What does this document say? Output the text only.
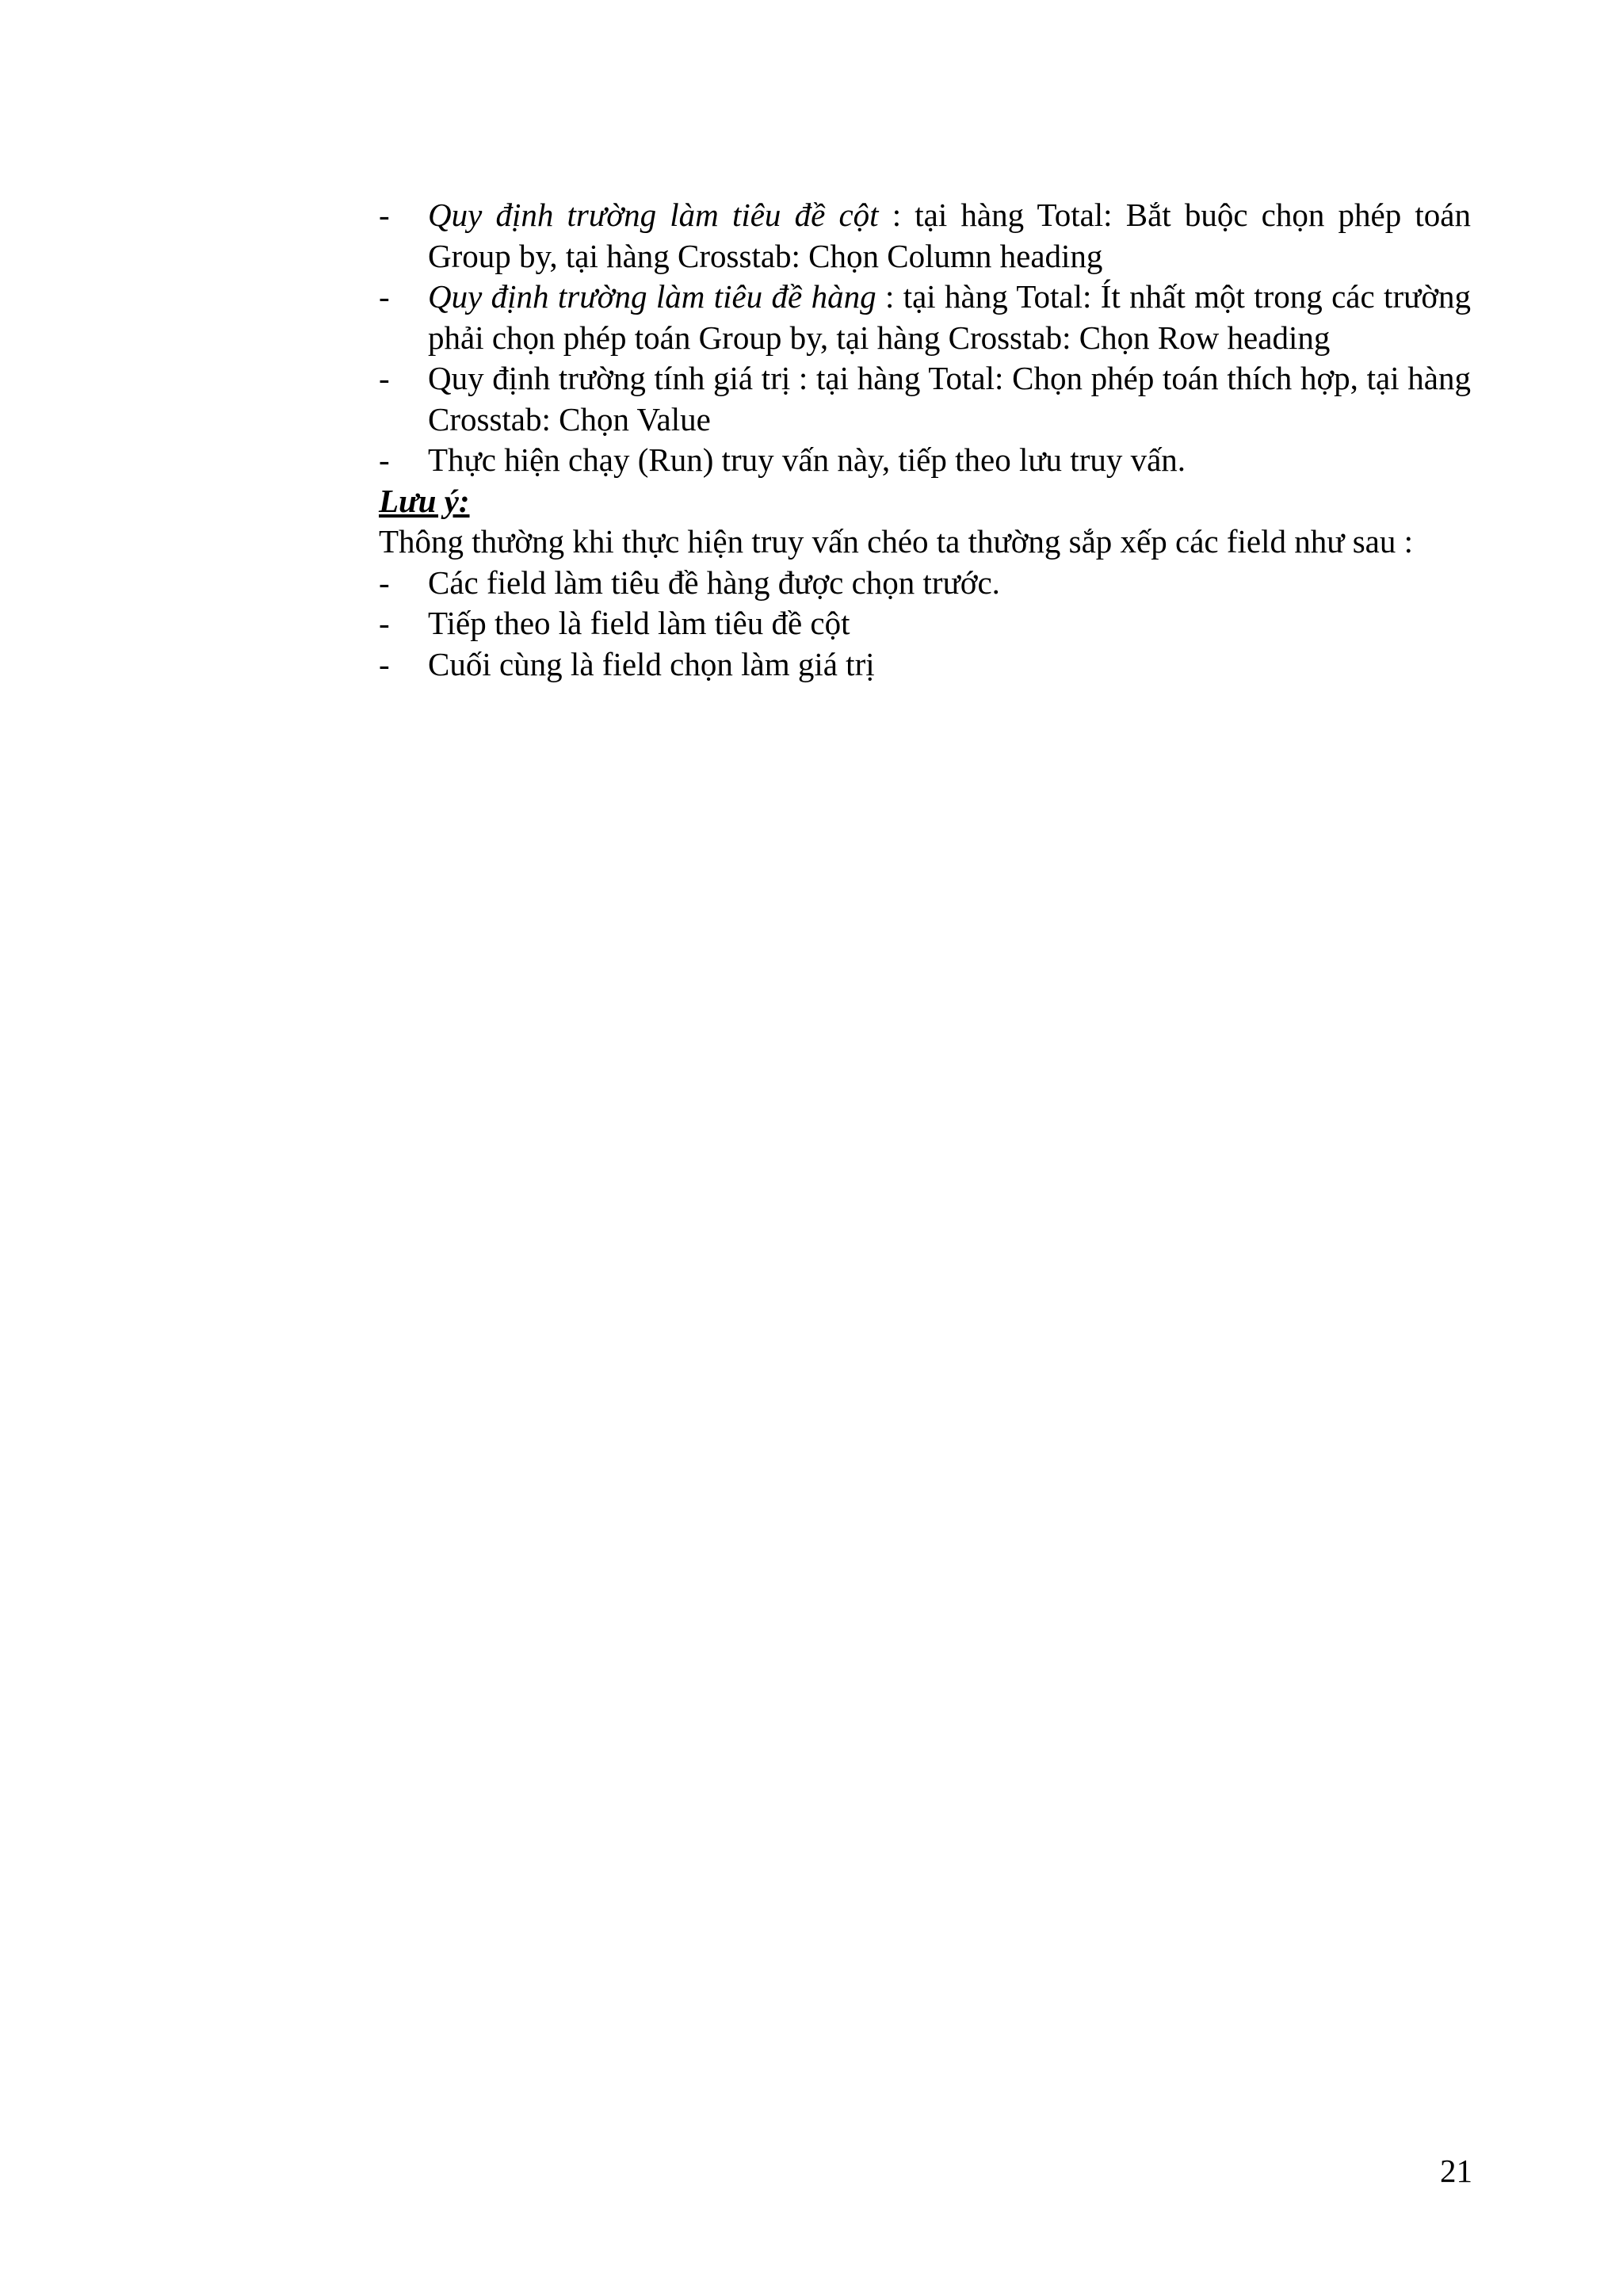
-	Quy định trường làm tiêu đề cột : tại hàng Total: Bắt buộc chọn phép toán Group by, tại hàng Crosstab: Chọn Column heading
-	Quy định trường làm tiêu đề hàng : tại hàng Total: Ít nhất một trong các trường phải chọn phép toán Group by, tại hàng Crosstab: Chọn Row heading
-	Quy định trường tính giá trị : tại hàng Total: Chọn phép toán thích hợp, tại hàng Crosstab: Chọn Value
-	Thực hiện chạy (Run) truy vấn này, tiếp theo lưu truy vấn.
Lưu ý:
Thông thường khi thực hiện truy vấn chéo ta thường sắp xếp các field như sau :
-	Các field làm tiêu đề hàng được chọn trước.
-	Tiếp theo là field làm tiêu đề cột
-	Cuối cùng là field chọn làm giá trị
21
